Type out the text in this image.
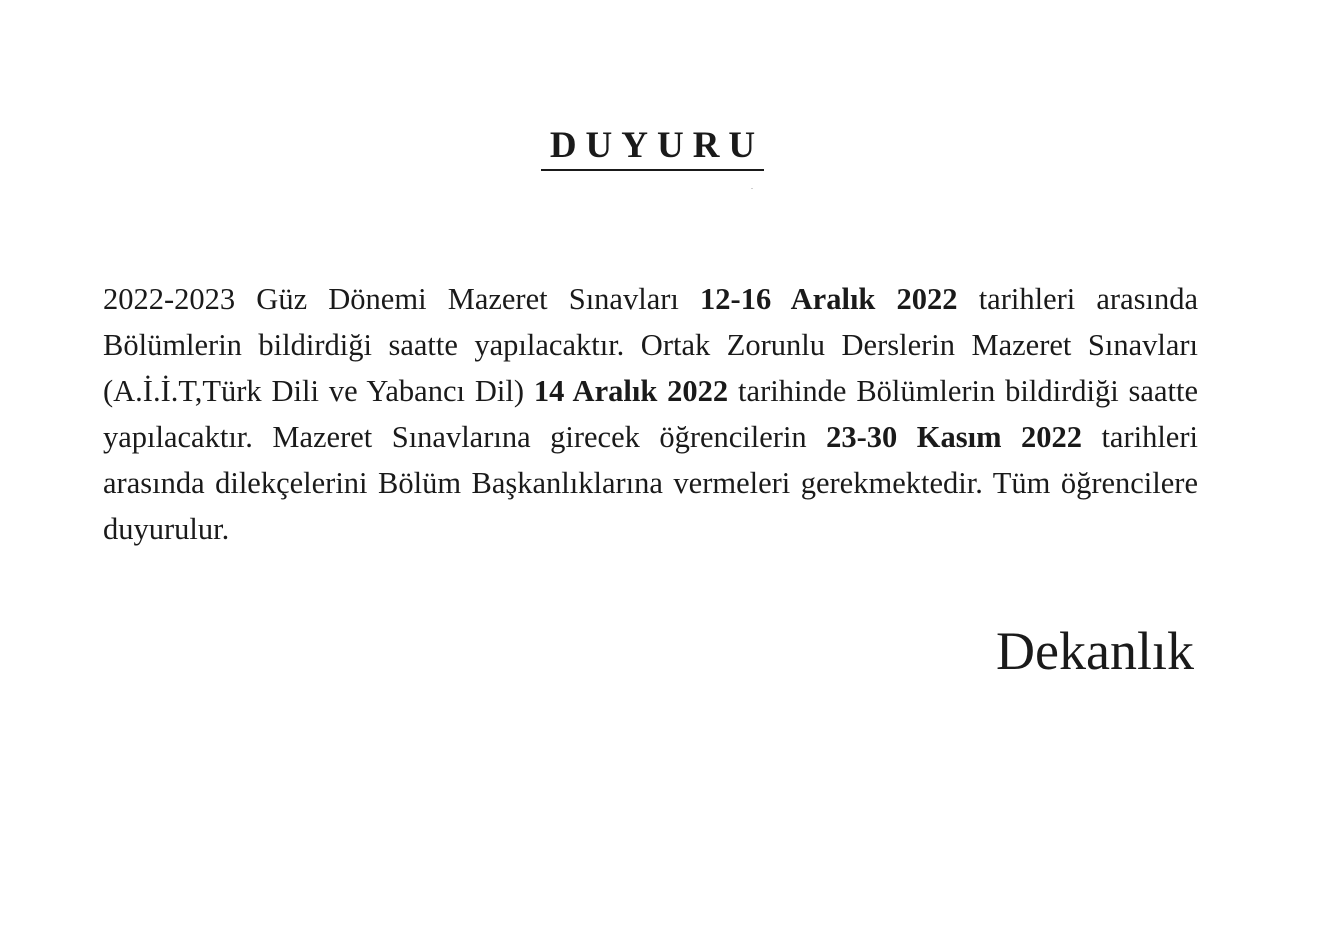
DUYURU

2022-2023 Güz Dönemi Mazeret Sınavları 12-16 Aralık 2022 tarihleri arasında Bölümlerin bildirdiği saatte yapılacaktır. Ortak Zorunlu Derslerin Mazeret Sınavları (A.İ.İ.T,Türk Dili ve Yabancı Dil) 14 Aralık 2022 tarihinde Bölümlerin bildirdiği saatte yapılacaktır. Mazeret Sınavlarına girecek öğrencilerin 23-30 Kasım 2022 tarihleri arasında dilekçelerini Bölüm Başkanlıklarına vermeleri gerekmektedir. Tüm öğrencilere duyurulur.

Dekanlık
